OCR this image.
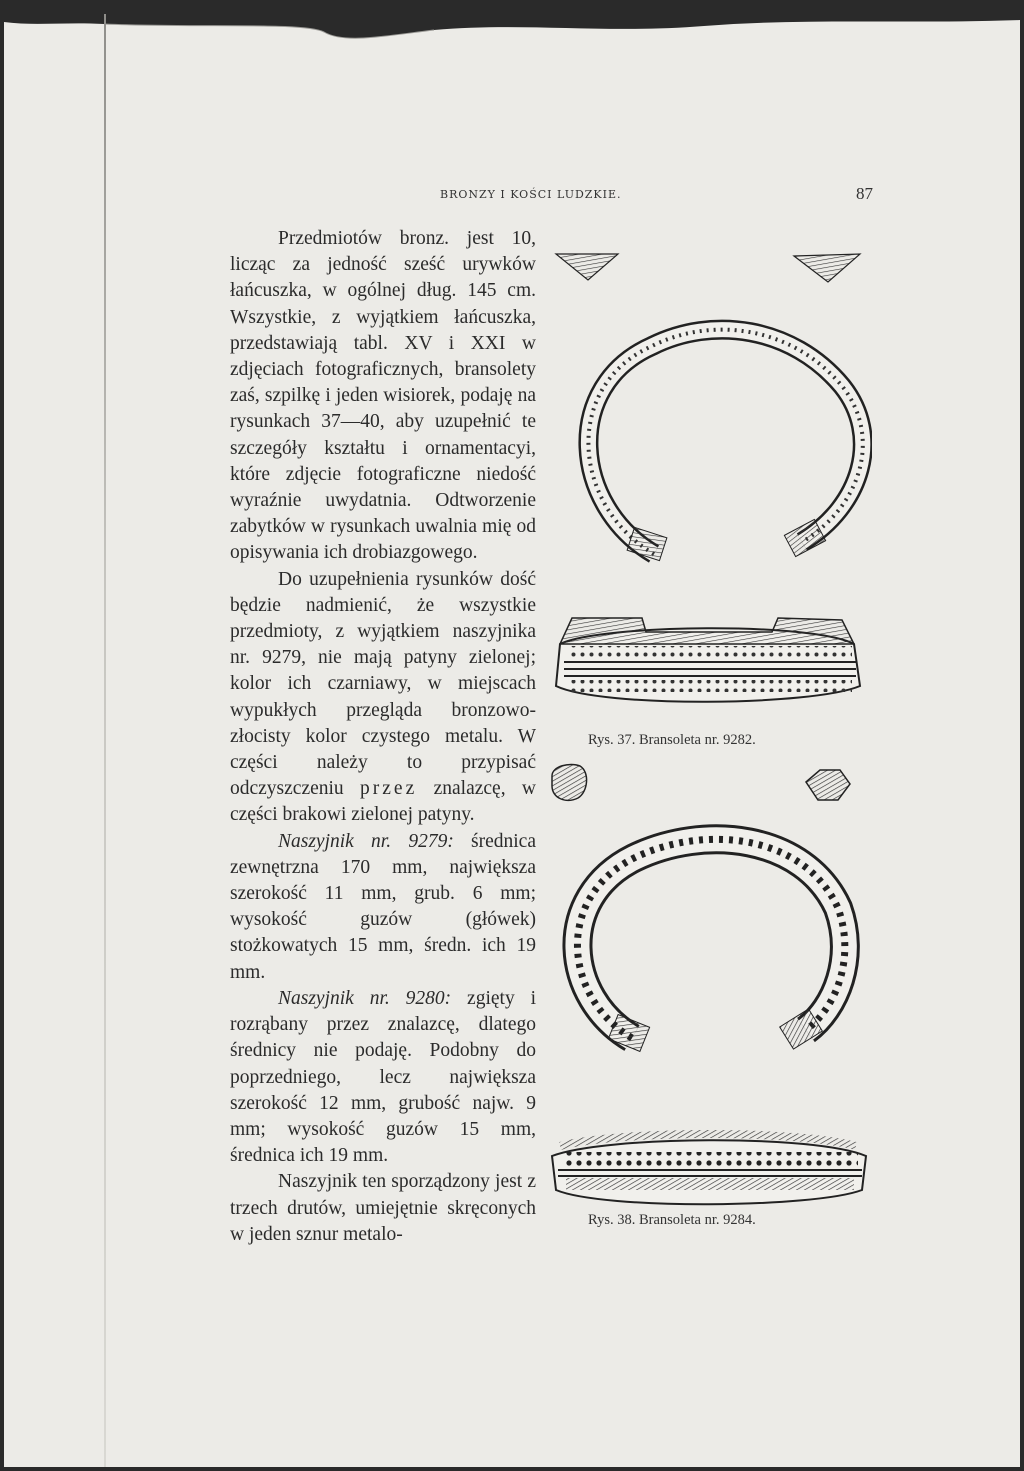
BRONZY I KOŚCI LUDZKIE.	87

Przedmiotów bronz. jest 10, licząc za jedność sześć urywków łańcuszka, w ogólnej dług. 145 cm. Wszystkie, z wyjątkiem łańcuszka, przedstawiają tabl. XV i XXI w zdjęciach fotograficznych, bransolety zaś, szpilkę i jeden wisiorek, podaję na rysunkach 37—40, aby uzupełnić te szczegóły kształtu i ornamentacyi, które zdjęcie fotograficzne niedość wyraźnie uwydatnia. Odtworzenie zabytków w rysunkach uwalnia mię od opisywania ich drobiazgowego.

Do uzupełnienia rysunków dość będzie nadmienić, że wszystkie przedmioty, z wyjątkiem naszyjnika nr. 9279, nie mają patyny zielonej; kolor ich czarniawy, w miejscach wypukłych przegląda bronzowo-złocisty kolor czystego metalu. W części należy to przypisać odczyszczeniu przez znalazcę, w części brakowi zielonej patyny.

Naszyjnik nr. 9279: średnica zewnętrzna 170 mm, największa szerokość 11 mm, grub. 6 mm; wysokość guzów (główek) stożkowatych 15 mm, średn. ich 19 mm.

Naszyjnik nr. 9280: zgięty i rozrąbany przez znalazcę, dlatego średnicy nie podaję. Podobny do poprzedniego, lecz największa szerokość 12 mm, grubość najw. 9 mm; wysokość guzów 15 mm, średnica ich 19 mm.

Naszyjnik ten sporządzony jest z trzech drutów, umiejętnie skręconych w jeden sznur metalo-

Rys. 37. Bransoleta nr. 9282.
Rys. 38. Bransoleta nr. 9284.
